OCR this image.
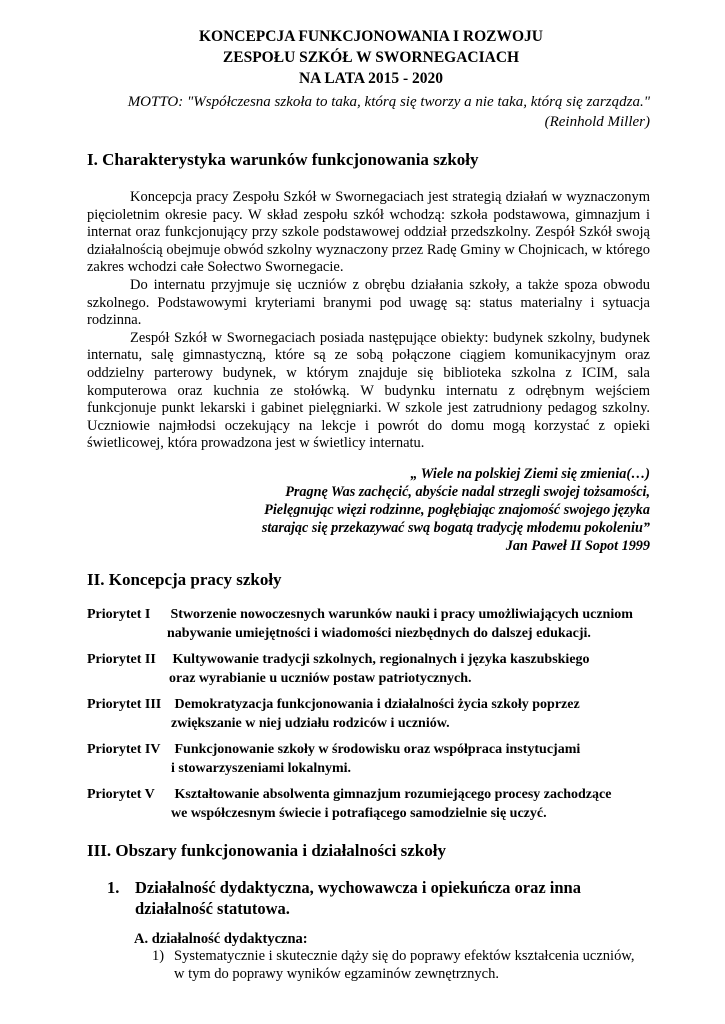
KONCEPCJA FUNKCJONOWANIA I ROZWOJU
ZESPOŁU SZKÓŁ W SWORNEGACIACH
NA LATA 2015 - 2020
MOTTO: "Współczesna szkoła to taka, którą się tworzy a nie taka, którą się zarządza."
(Reinhold Miller)
I. Charakterystyka warunków funkcjonowania szkoły

Koncepcja pracy Zespołu Szkół w Swornegaciach jest strategią działań w wyznaczonym pięcioletnim okresie pacy. W skład zespołu szkół wchodzą: szkoła podstawowa, gimnazjum i internat oraz funkcjonujący przy szkole podstawowej oddział przedszkolny. Zespół Szkół swoją działalnością obejmuje obwód szkolny wyznaczony przez Radę Gminy w Chojnicach, w którego zakres wchodzi całe Sołectwo Swornegacie.

Do internatu przyjmuje się uczniów z obrębu działania szkoły, a także spoza obwodu szkolnego. Podstawowymi kryteriami branymi pod uwagę są: status materialny i sytuacja rodzinna.

Zespół Szkół w Swornegaciach posiada następujące obiekty: budynek szkolny, budynek internatu, salę gimnastyczną, które są ze sobą połączone ciągiem komunikacyjnym oraz oddzielny parterowy budynek, w którym znajduje się biblioteka szkolna z ICIM, sala komputerowa oraz kuchnia ze stołówką. W budynku internatu z odrębnym wejściem funkcjonuje punkt lekarski i gabinet pielęgniarki. W szkole jest zatrudniony pedagog szkolny. Uczniowie najmłodsi oczekujący na lekcje i powrót do domu mogą korzystać z opieki świetlicowej, która prowadzona jest w świetlicy internatu.

„ Wiele na polskiej Ziemi się zmienia(…)
Pragnę Was zachęcić, abyście nadal strzegli swojej tożsamości,
Pielęgnując więzi rodzinne, pogłębiając znajomość swojego języka
starając się przekazywać swą bogatą tradycję młodemu pokoleniu”
Jan Paweł II Sopot 1999
II. Koncepcja pracy szkoły
Priorytet I Stworzenie nowoczesnych warunków nauki i pracy umożliwiających uczniom
nabywanie umiejętności i wiadomości niezbędnych do dalszej edukacji.
Priorytet II Kultywowanie tradycji szkolnych, regionalnych i języka kaszubskiego
oraz wyrabianie u uczniów postaw patriotycznych.
Priorytet III Demokratyzacja funkcjonowania i działalności życia szkoły poprzez
zwiększanie w niej udziału rodziców i uczniów.
Priorytet IV Funkcjonowanie szkoły w środowisku oraz współpraca instytucjami
i stowarzyszeniami lokalnymi.
Priorytet V Kształtowanie absolwenta gimnazjum rozumiejącego procesy zachodzące
we współczesnym świecie i potrafiącego samodzielnie się uczyć.
III. Obszary funkcjonowania i działalności szkoły
1. Działalność dydaktyczna, wychowawcza i opiekuńcza oraz inna
działalność statutowa.
A. działalność dydaktyczna:
1) Systematycznie i skutecznie dąży się do poprawy efektów kształcenia uczniów,
w tym do poprawy wyników egzaminów zewnętrznych.
